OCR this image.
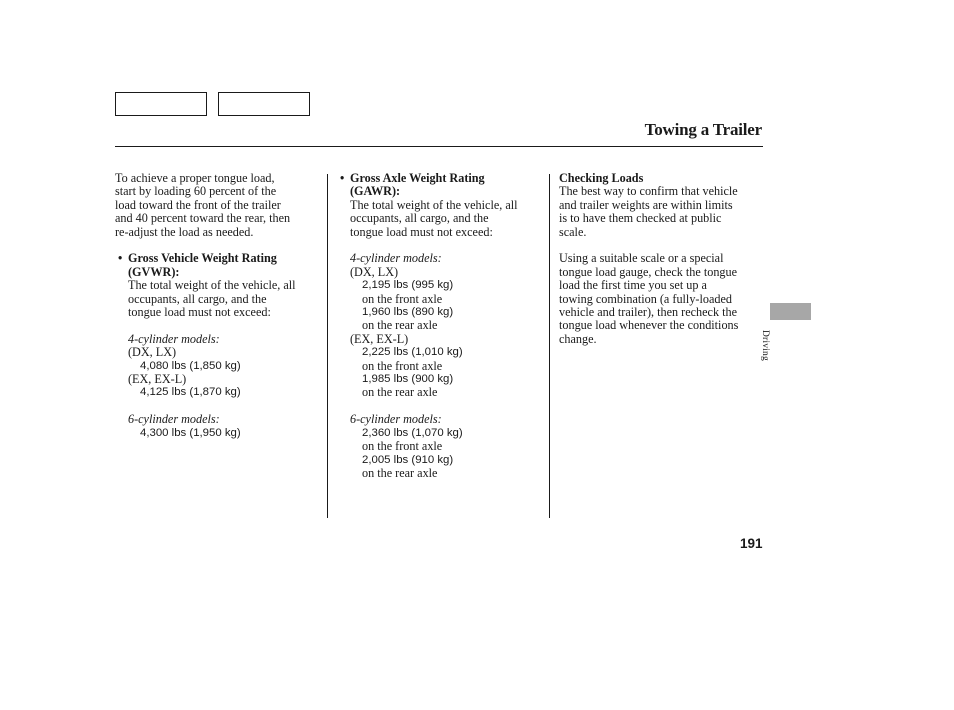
Towing a Trailer
To achieve a proper tongue load,
start by loading 60 percent of the
load toward the front of the trailer
and 40 percent toward the rear, then
re-adjust the load as needed.
• Gross Vehicle Weight Rating
(GVWR):
The total weight of the vehicle, all
occupants, all cargo, and the
tongue load must not exceed:
4-cylinder models:
(DX, LX)
4,080 lbs (1,850 kg)
(EX, EX-L)
4,125 lbs (1,870 kg)
6-cylinder models:
4,300 lbs (1,950 kg)
• Gross Axle Weight Rating
(GAWR):
The total weight of the vehicle, all
occupants, all cargo, and the
tongue load must not exceed:
4-cylinder models:
(DX, LX)
2,195 lbs (995 kg)
on the front axle
1,960 lbs (890 kg)
on the rear axle
(EX, EX-L)
2,225 lbs (1,010 kg)
on the front axle
1,985 lbs (900 kg)
on the rear axle
6-cylinder models:
2,360 lbs (1,070 kg)
on the front axle
2,005 lbs (910 kg)
on the rear axle
Checking Loads
The best way to confirm that vehicle
and trailer weights are within limits
is to have them checked at public
scale.
Using a suitable scale or a special
tongue load gauge, check the tongue
load the first time you set up a
towing combination (a fully-loaded
vehicle and trailer), then recheck the
tongue load whenever the conditions
change.	Driving
191
